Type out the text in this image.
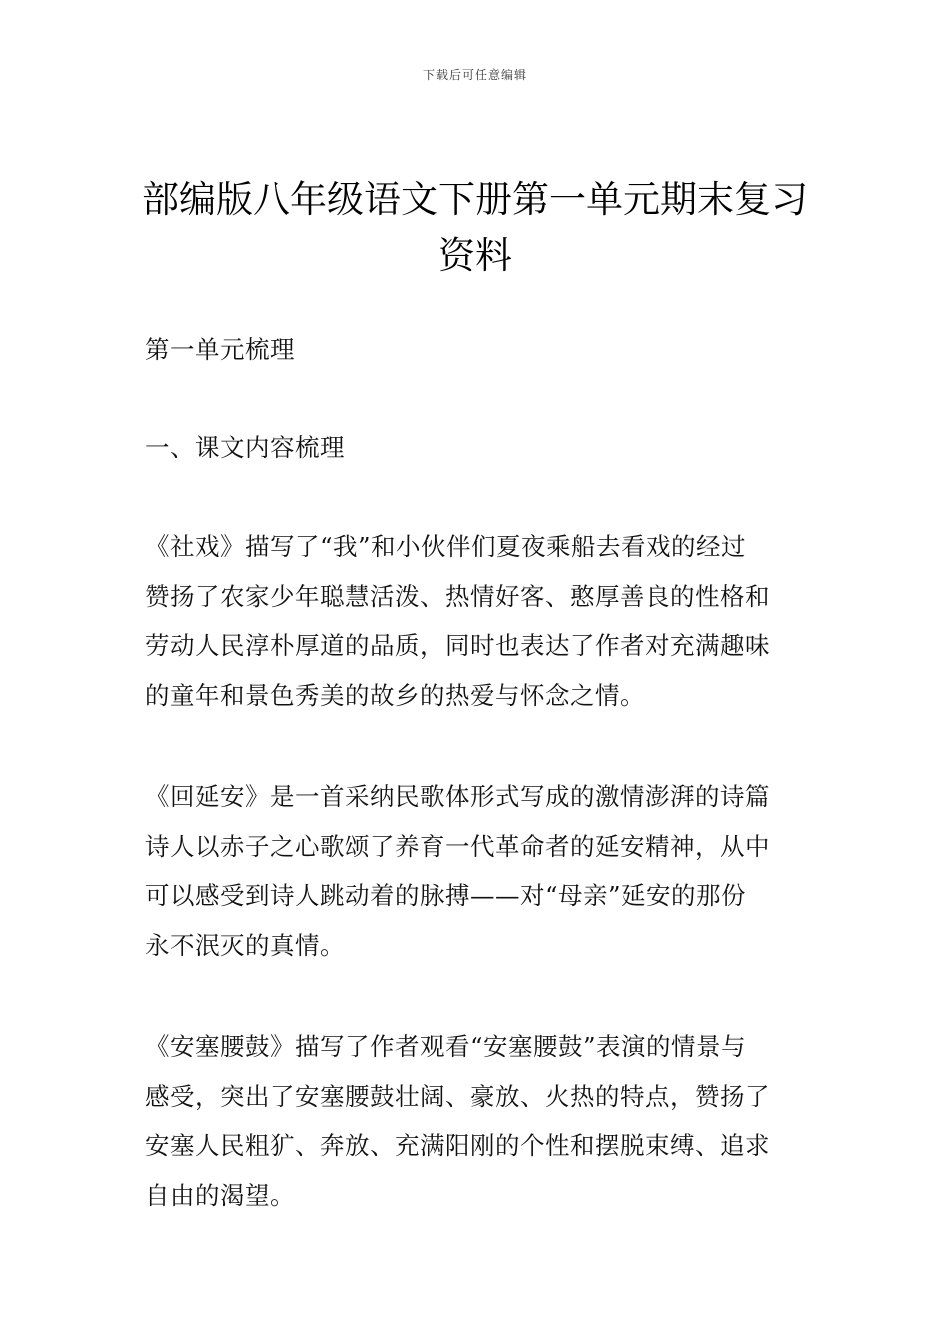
下载后可任意编辑
部编版八年级语文下册第一单元期末复习
资料

第一单元梳理

一、课文内容梳理

《社戏》描写了“我”和小伙伴们夏夜乘船去看戏的经过
赞扬了农家少年聪慧活泼、热情好客、憨厚善良的性格和
劳动人民淳朴厚道的品质，同时也表达了作者对充满趣味
的童年和景色秀美的故乡的热爱与怀念之情。

《回延安》是一首采纳民歌体形式写成的激情澎湃的诗篇
诗人以赤子之心歌颂了养育一代革命者的延安精神，从中
可以感受到诗人跳动着的脉搏——对“母亲”延安的那份
永不泯灭的真情。

《安塞腰鼓》描写了作者观看“安塞腰鼓”表演的情景与
感受，突出了安塞腰鼓壮阔、豪放、火热的特点，赞扬了
安塞人民粗犷、奔放、充满阳刚的个性和摆脱束缚、追求
自由的渴望。
